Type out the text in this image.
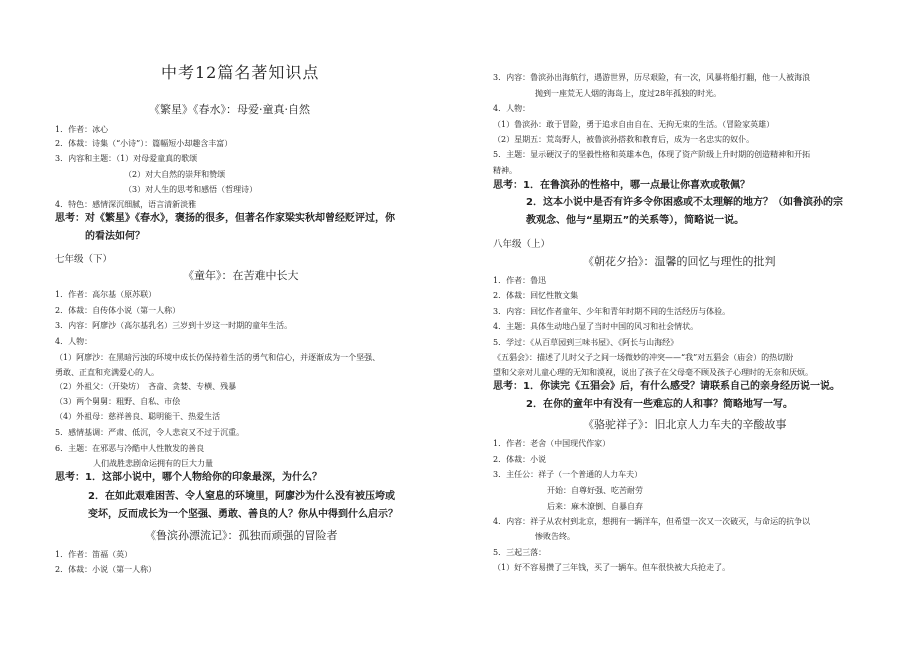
中考12篇名著知识点
《繁星》《春水》：母爱·童真·自然
1．作者：冰心
2．体裁：诗集（“小诗”）：篇幅短小却趣含丰富）
3．内容和主题：（1）对母爱童真的歌颂
（2）对大自然的崇拜和赞颂
（3）对人生的思考和感悟（哲理诗）
4．特色：感情深沉细腻，语言清新淡雅
思考：对《繁星》《春水》，褒扬的很多，但著名作家梁实秋却曾经贬评过，你
的看法如何？
七年级（下）
《童年》：在苦难中长大
1．作者：高尔基（原苏联）
2．体裁：自传体小说（第一人称）
3．内容：阿廖沙（高尔基乳名）三岁到十岁这一时期的童年生活。
4．人物：
（1）阿廖沙：在黑暗污浊的环境中成长仍保持着生活的勇气和信心，并逐渐成为一个坚强、
勇敢、正直和充满爱心的人。
（2）外祖父：（开染坊）　吝啬、贪婪、专横、残暴
（3）两个舅舅：粗野、自私、市侩
（4）外祖母：慈祥善良、聪明能干、热爱生活
5．感情基调：严肃、低沉，令人悲哀又不过于沉重。
6．主题：在邪恶与冷酷中人性散发的善良
人们战胜悲剧命运拥有的巨大力量
思考：1．这部小说中，哪个人物给你的印象最深，为什么？
2．在如此艰难困苦、令人窒息的环境里，阿廖沙为什么没有被压垮或
变坏，反而成长为一个坚强、勇敢、善良的人？你从中得到什么启示？
《鲁滨孙漂流记》：孤独而顽强的冒险者
1．作者：笛福（英）
2．体裁：小说（第一人称）
3．内容：鲁滨孙出海航行，遇游世界，历尽艰险，有一次，风暴将船打翻，他一人被海浪
抛到一座荒无人烟的海岛上，度过28年孤独的时光。
4．人物：
（1）鲁滨孙：敢于冒险，勇于追求自由自在、无拘无束的生活。（冒险家英雄）
（2）星期五：荒岛野人，被鲁滨孙搭救和教育后，成为一名忠实的奴仆。
5．主题：显示硬汉子的坚毅性格和英雄本色，体现了资产阶级上升时期的创造精神和开拓
精神。
思考：1．在鲁滨孙的性格中，哪一点最让你喜欢或敬佩？
2．这本小说中是否有许多令你困惑或不太理解的地方？（如鲁滨孙的宗
教观念、他与“星期五”的关系等），简略说一说。
八年级（上）
《朝花夕拾》：温馨的回忆与理性的批判
1．作者：鲁迅
2．体裁：回忆性散文集
3．内容：回忆作者童年、少年和青年时期不同的生活经历与体验。
4．主题：具体生动地凸显了当时中国的风习和社会情状。
5．学过：《从百草园到三味书屋》、《阿长与山海经》
《五猖会》：描述了儿时父子之间一场微妙的冲突——“我”对五猖会（庙会）的热切盼
望和父亲对儿童心理的无知和漠视，说出了孩子在父母毫不顾及孩子心理时的无奈和厌烦。
思考：1．你读完《五猖会》后，有什么感受？请联系自己的亲身经历说一说。
2．在你的童年中有没有一些难忘的人和事？简略地写一写。
《骆驼祥子》：旧北京人力车夫的辛酸故事
1．作者：老舍（中国现代作家）
2．体裁：小说
3．主任公：祥子（一个普通的人力车夫）
开始：自尊好强、吃苦耐劳
后来：麻木潦倒、自暴自弃
4．内容：祥子从农村到北京，想拥有一辆洋车，但希望一次又一次破灭，与命运的抗争以
惨败告终。
5．三起三落：
（1）好不容易攒了三年钱，买了一辆车。但车很快被大兵抢走了。
